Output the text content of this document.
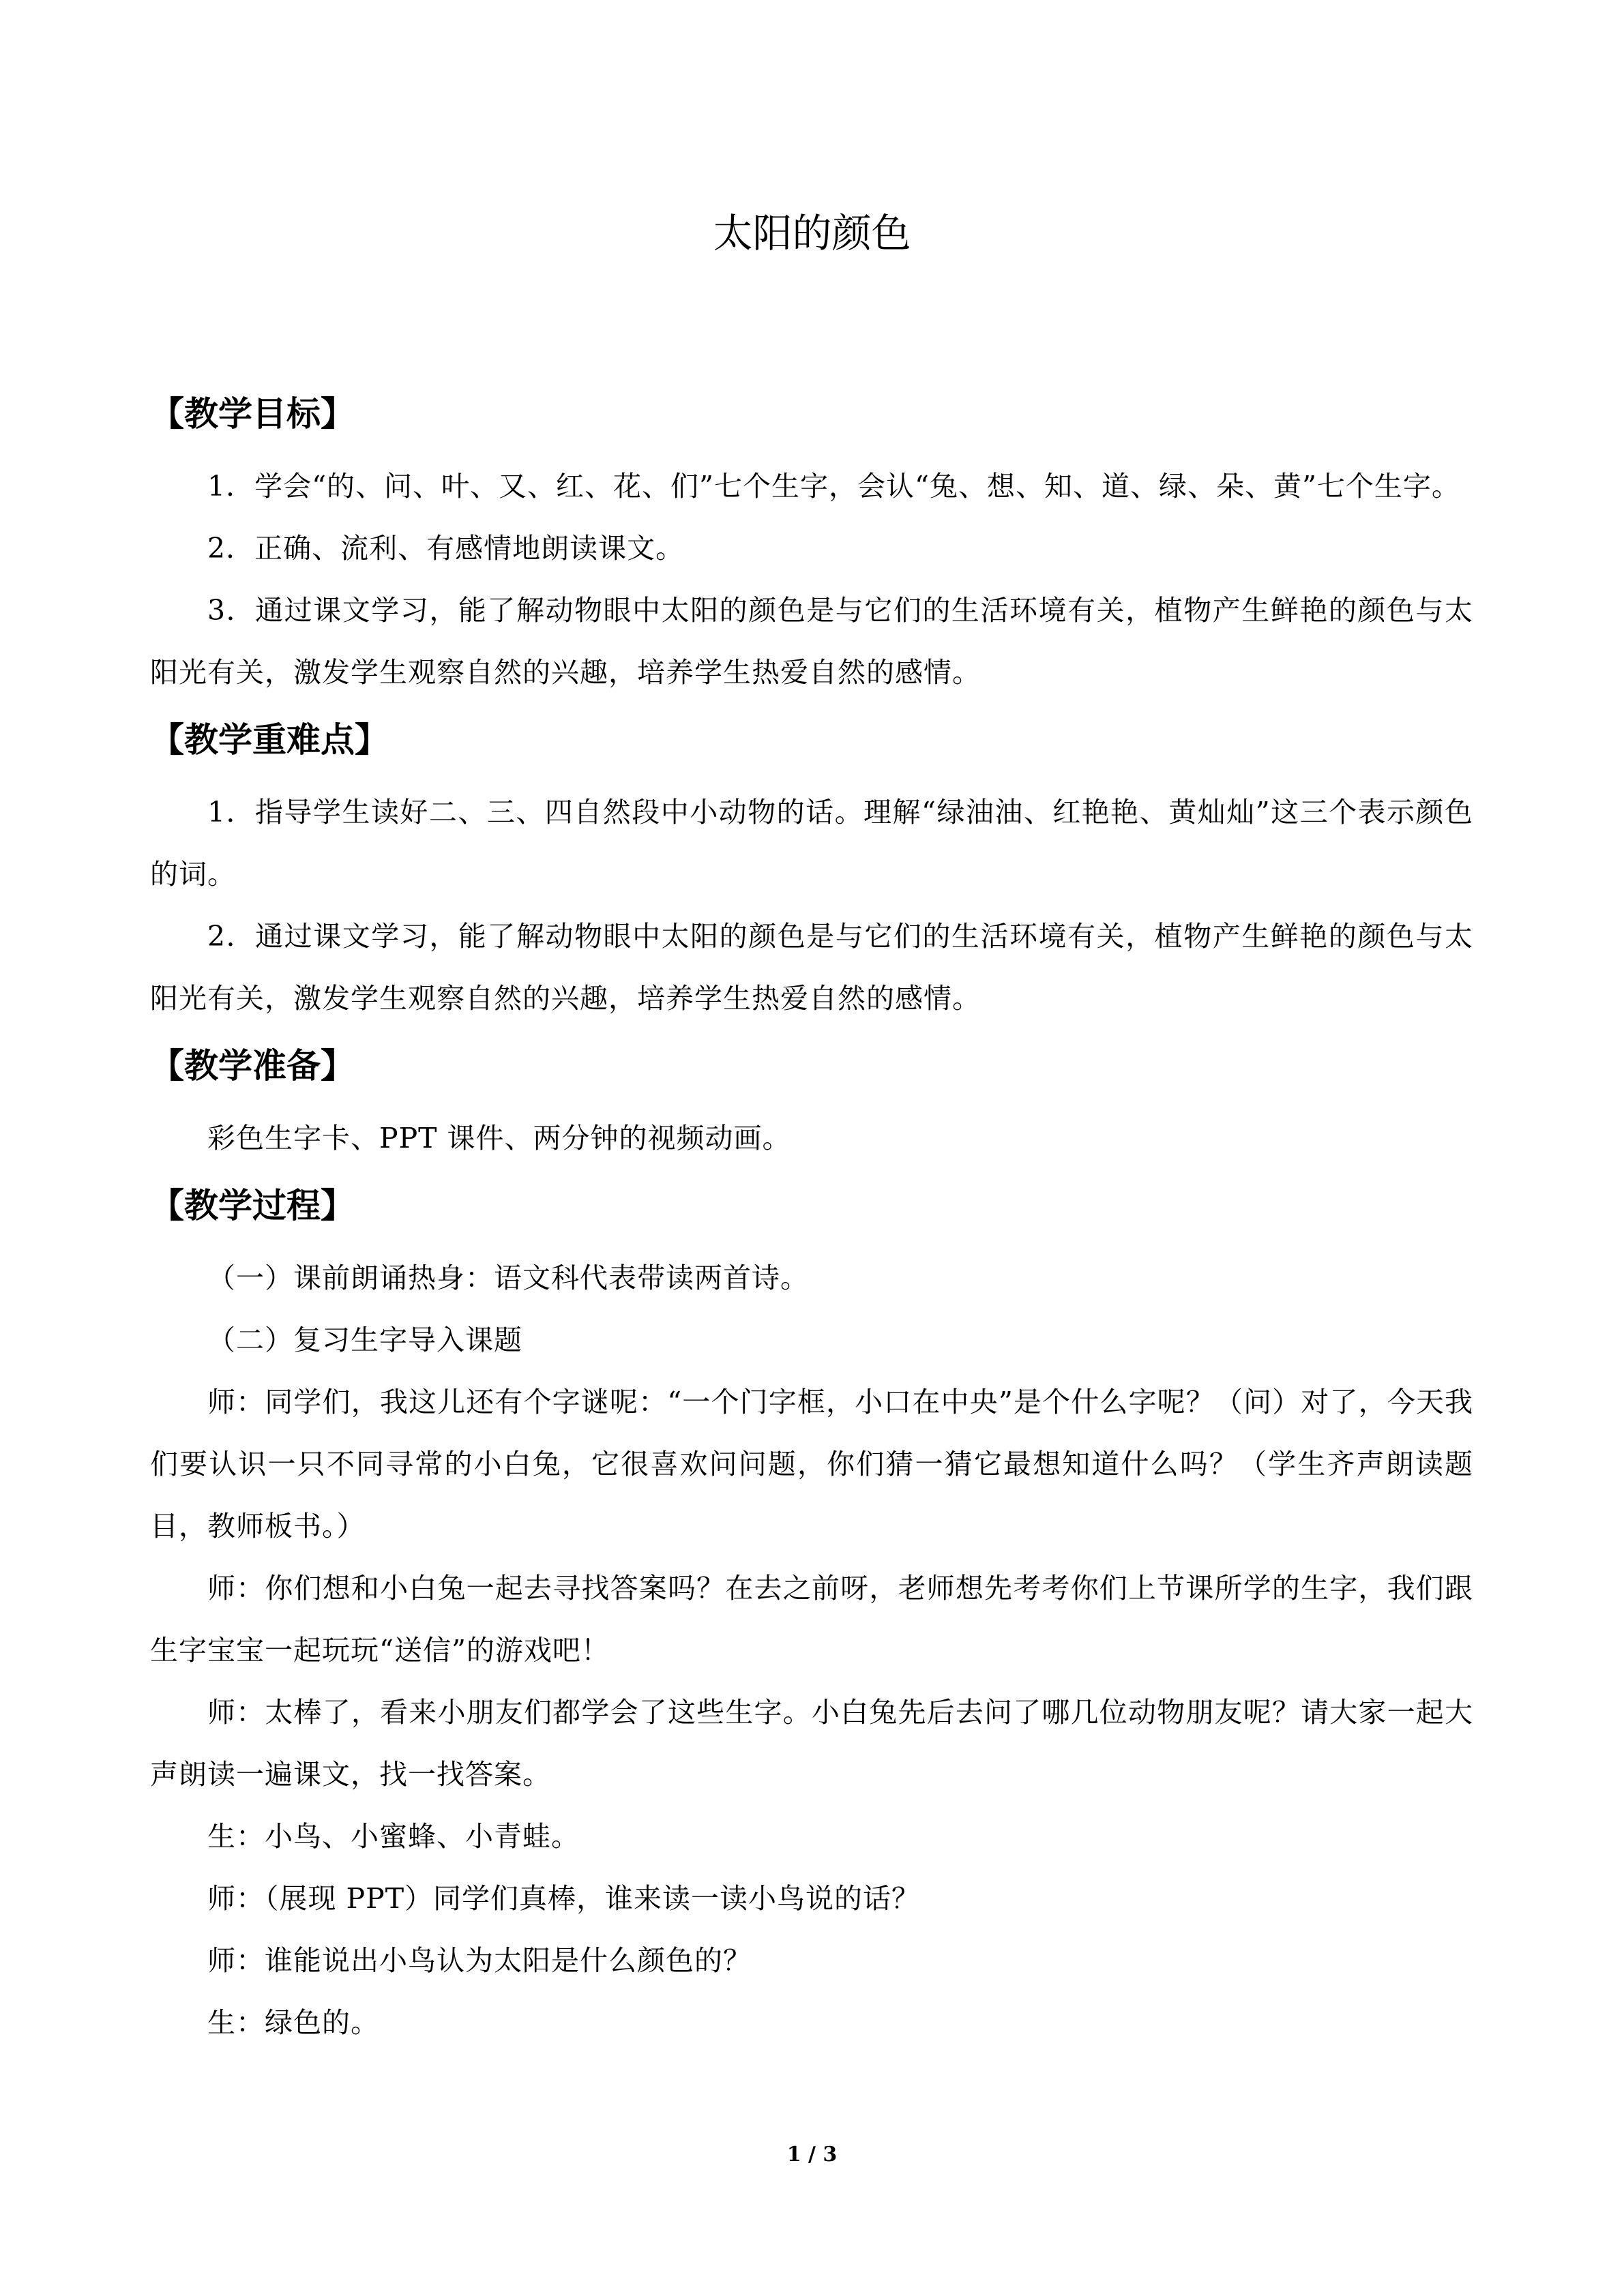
太阳的颜色
【教学目标】

1．学会“的、问、叶、又、红、花、们”七个生字，会认“兔、想、知、道、绿、朵、黄”七个生字。

2．正确、流利、有感情地朗读课文。

3．通过课文学习，能了解动物眼中太阳的颜色是与它们的生活环境有关，植物产生鲜艳的颜色与太阳光有关，激发学生观察自然的兴趣，培养学生热爱自然的感情。

【教学重难点】

1．指导学生读好二、三、四自然段中小动物的话。理解“绿油油、红艳艳、黄灿灿”这三个表示颜色的词。

2．通过课文学习，能了解动物眼中太阳的颜色是与它们的生活环境有关，植物产生鲜艳的颜色与太阳光有关，激发学生观察自然的兴趣，培养学生热爱自然的感情。

【教学准备】

彩色生字卡、PPT 课件、两分钟的视频动画。

【教学过程】

（一）课前朗诵热身：语文科代表带读两首诗。

（二）复习生字导入课题

师：同学们，我这儿还有个字谜呢：“一个门字框，小口在中央”是个什么字呢？（问）对了，今天我们要认识一只不同寻常的小白兔，它很喜欢问问题，你们猜一猜它最想知道什么吗？（学生齐声朗读题目，教师板书。）

师：你们想和小白兔一起去寻找答案吗？在去之前呀，老师想先考考你们上节课所学的生字，我们跟生字宝宝一起玩玩“送信”的游戏吧！

师：太棒了，看来小朋友们都学会了这些生字。小白兔先后去问了哪几位动物朋友呢？请大家一起大声朗读一遍课文，找一找答案。

生：小鸟、小蜜蜂、小青蛙。

师：（展现 PPT）同学们真棒，谁来读一读小鸟说的话？

师：谁能说出小鸟认为太阳是什么颜色的？

生：绿色的。

1 / 3
